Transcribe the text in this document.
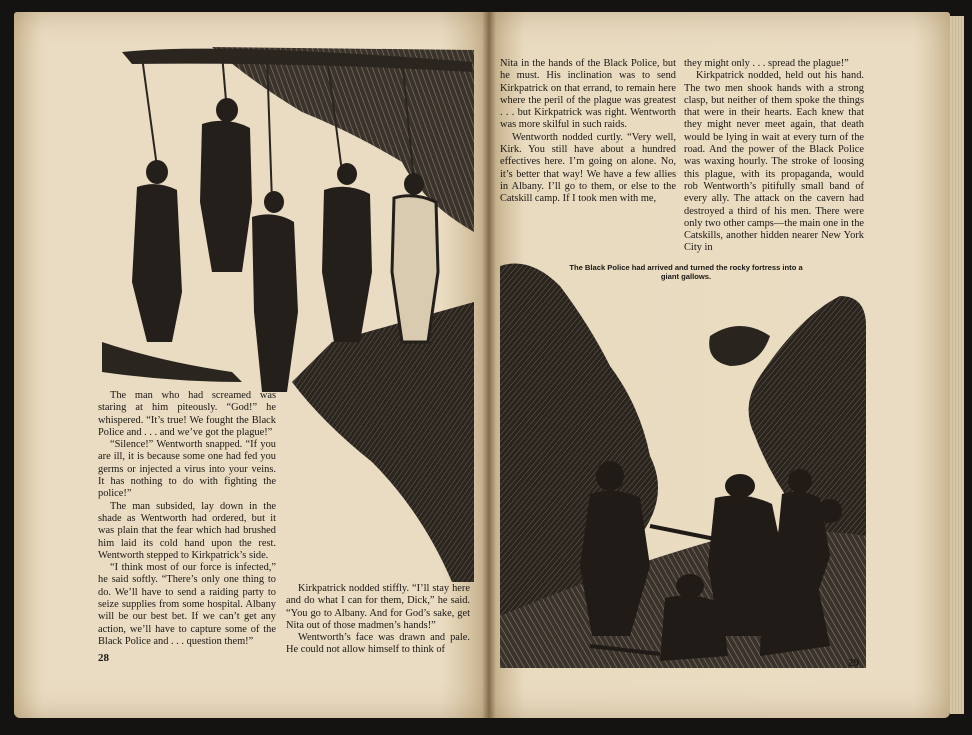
The man who had screamed was staring at him piteously. “God!” he whispered. “It’s true! We fought the Black Police and . . . and we’ve got the plague!”

“Silence!” Wentworth snapped. “If you are ill, it is because some one had fed you germs or injected a virus into your veins. It has nothing to do with fighting the police!”

The man subsided, lay down in the shade as Wentworth had ordered, but it was plain that the fear which had brushed him laid its cold hand upon the rest. Wentworth stepped to Kirkpatrick’s side.

“I think most of our force is infected,” he said softly. “There’s only one thing to do. We’ll have to send a raiding party to seize supplies from some hospital. Albany will be our best bet. If we can’t get any action, we’ll have to capture some of the Black Police and . . . question them!”

Kirkpatrick nodded stiffly. “I’ll stay here and do what I can for them, Dick,” he said. “You go to Albany. And for God’s sake, get Nita out of those madmen’s hands!”

Wentworth’s face was drawn and pale. He could not allow himself to think of

28

Nita in the hands of the Black Police, but he must. His inclination was to send Kirkpatrick on that errand, to remain here where the peril of the plague was greatest . . . but Kirkpatrick was right. Wentworth was more skilful in such raids.

Wentworth nodded curtly. “Very well, Kirk. You still have about a hundred effectives here. I’m going on alone. No, it’s better that way! We have a few allies in Albany. I’ll go to them, or else to the Catskill camp. If I took men with me,

they might only . . . spread the plague!”

Kirkpatrick nodded, held out his hand. The two men shook hands with a strong clasp, but neither of them spoke the things that were in their hearts. Each knew that they might never meet again, that death would be lying in wait at every turn of the road. And the power of the Black Police was waxing hourly. The stroke of loosing this plague, with its propaganda, would rob Wentworth’s pitifully small band of every ally. The attack on the cavern had destroyed a third of his men. There were only two other camps—the main one in the Catskills, another hidden nearer New York City in

The Black Police had arrived and turned the rocky fortress into a giant gallows.
29
